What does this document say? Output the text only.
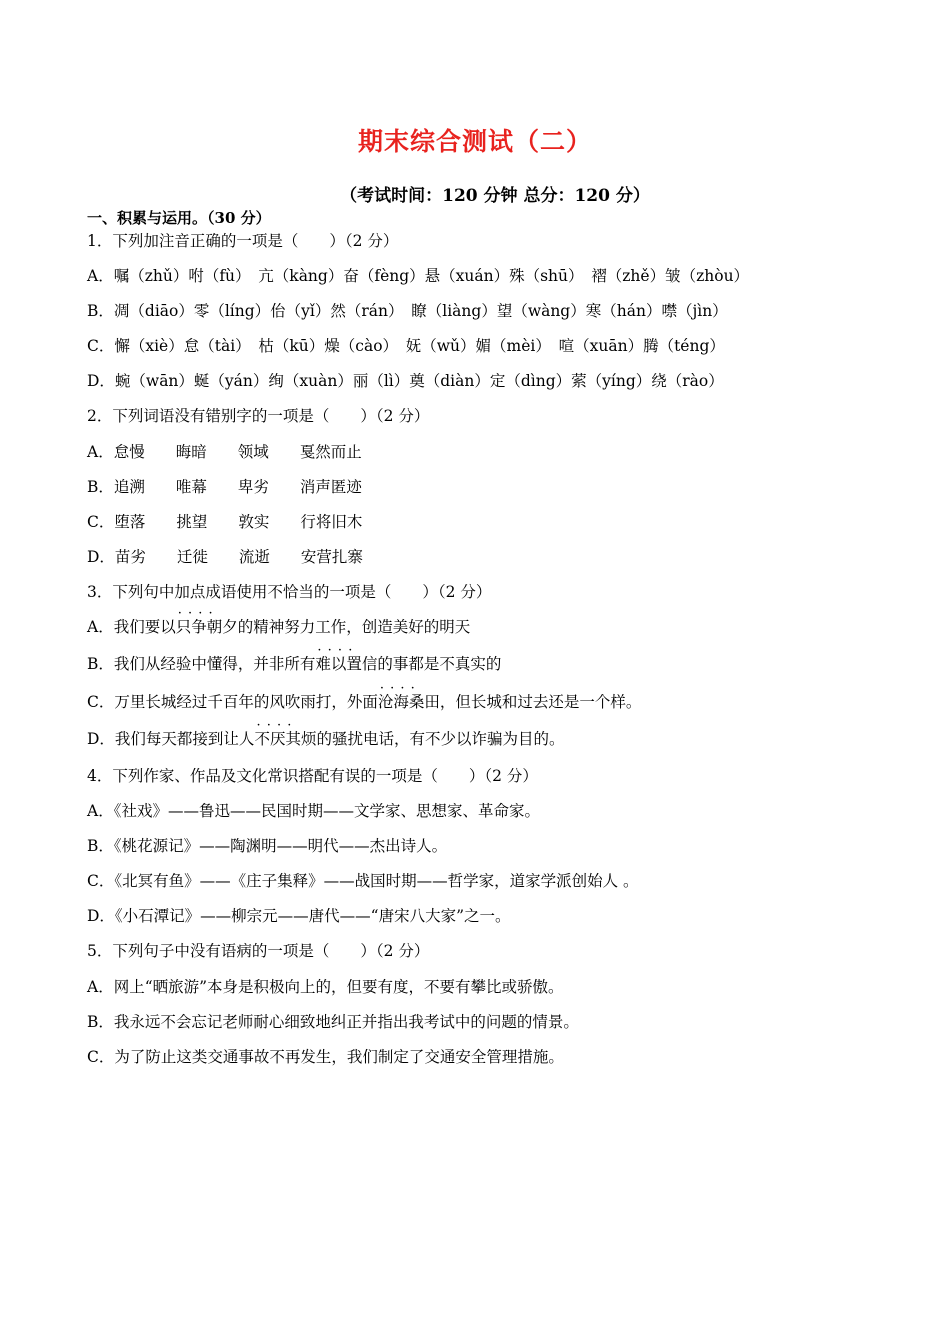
期末综合测试（二）
（考试时间：120 分钟 总分：120 分）
一、积累与运用。（30 分）
1．下列加注音正确的一项是（　　）（2 分）
A．嘱（zhǔ）咐（fù）　亢（kàng）奋（fèng）悬（xuán）殊（shū）　褶（zhě）皱（zhòu）
B．凋（diāo）零（líng）佁（yǐ）然（rán）　瞭（liàng）望（wàng）寒（hán）噤（jìn）
C．懈（xiè）怠（tài）　枯（kū）燥（cào）　妩（wǔ）媚（mèi）　喧（xuān）腾（téng）
D．蜿（wān）蜒（yán）绚（xuàn）丽（lì）奠（diàn）定（dìng）萦（yíng）绕（rào）
2．下列词语没有错别字的一项是（　　）（2 分）
A．怠慢　　晦暗　　领域　　戛然而止
B．追溯　　唯幕　　卑劣　　消声匿迹
C．堕落　　挑望　　敦实　　行将旧木
D．苗劣　　迁徙　　流逝　　安营扎寨
3．下列句中加点成语使用不恰当的一项是（　　）（2 分）
A．我们要以· · · · 只争朝夕的精神努力工作，创造美好的明天
B．我们从经验中懂得，并非所有· · · · 难以置信的事都是不真实的
C．万里长城经过千百年的风吹雨打，外面· · · · 沧海桑田，但长城和过去还是一个样。
D．我们每天都接到让人· · · · 不厌其烦的骚扰电话，有不少以诈骗为目的。
4．下列作家、作品及文化常识搭配有误的一项是（　　）（2 分）
A．《社戏》——鲁迅——民国时期——文学家、思想家、革命家。
B．《桃花源记》——陶渊明——明代——杰出诗人。
C．《北冥有鱼》——《庄子集释》——战国时期——哲学家，道家学派创始人 。
D．《小石潭记》——柳宗元——唐代——“唐宋八大家”之一。
5．下列句子中没有语病的一项是（　　）（2 分）
A．网上“晒旅游”本身是积极向上的，但要有度，不要有攀比或骄傲。
B．我永远不会忘记老师耐心细致地纠正并指出我考试中的问题的情景。
C．为了防止这类交通事故不再发生，我们制定了交通安全管理措施。
